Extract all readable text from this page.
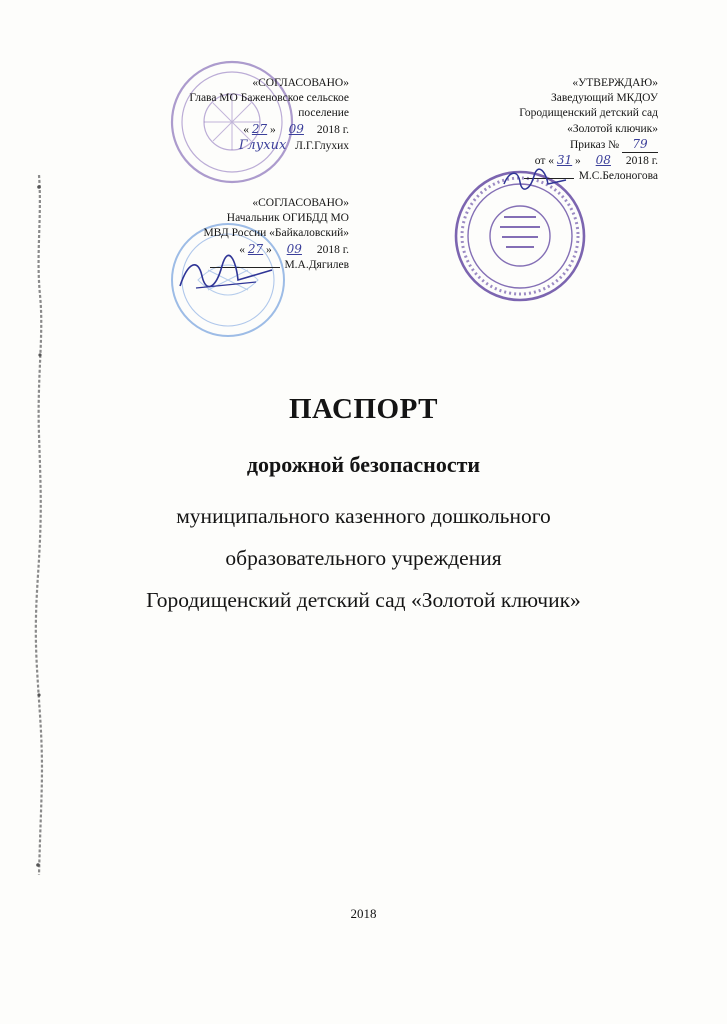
«СОГЛАСОВАНО»
Глава МО Баженовское сельское
поселение
« 27 » 09 2018 г.
Глухих Л.Г.Глухих
«СОГЛАСОВАНО»
Начальник ОГИБДД МО
МВД России «Байкаловский»
« 27 » 09 2018 г.
М.А.Дягилев
«УТВЕРЖДАЮ»
Заведующий МКДОУ
Городищенский детский сад
«Золотой ключик»
Приказ № 79
от « 31 » 08 2018 г.
М.С.Белоногова
ПАСПОРТ
дорожной безопасности
муниципального казенного дошкольного
образовательного учреждения
Городищенский детский сад «Золотой ключик»
2018
